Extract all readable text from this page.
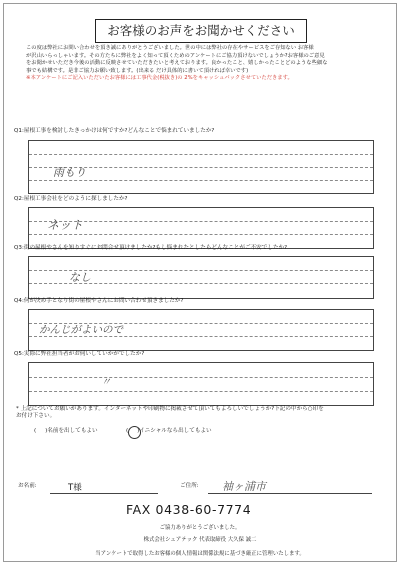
お客様のお声をお聞かせください
この度は弊社にお問い合わせを頂き誠にありがとうございました。世の中には弊社の存在やサービスをご存知ない お客様
が沢山いらっしゃいます。その方たちに弊社をよく知って頂くためのアンケートにご協力頂けないでしょうか?お客様のご意見
をお聞かせいただき今後の活動に反映させていただきたいと考えております。良かったこと、嬉しかったことどのような些細な
事でも結構です。是非ご協力お願い致します。(出来る だけ具体的に書いて頂ければ幸いです)
※本アンケートにご記入いただいたお客様には工事代金(税抜き)の 2%をキャッシュバックさせていただきます。
Q1:屋根工事を検討したきっかけは何ですか?どんなことで悩まれていましたか?
雨もり
Q2:屋根工事会社をどのように探しましたか?
ネット
Q3:街の屋根やさんを知りすぐにお問合せ頂けましたか?もし悩まれたとしたらどんなことがご不安でしたか?
なし
Q4:何が決め手となり街の屋根やさんにお問い合わせ頂きましたか?
かんじがよいので
Q5:実際に弊社担当者がお伺いしていかがでしたか?
〃
* 上記についてお願いがあります。インターネットや印刷物に掲載させて頂いてもよろしいでしょうか?下記の中から○印を
お付け下さい。
(     )名前を出してもよい	(     )イニシャルなら出してもよい
お名前:	T様	ご住所: 袖ヶ浦市
FAX 0438-60-7774
ご協力ありがとうございました。
株式会社シェアテック 代表取締役 大久保 誠二
当アンケートで取得したお客様の個人情報は関係法規に基づき厳正に管理いたします。
